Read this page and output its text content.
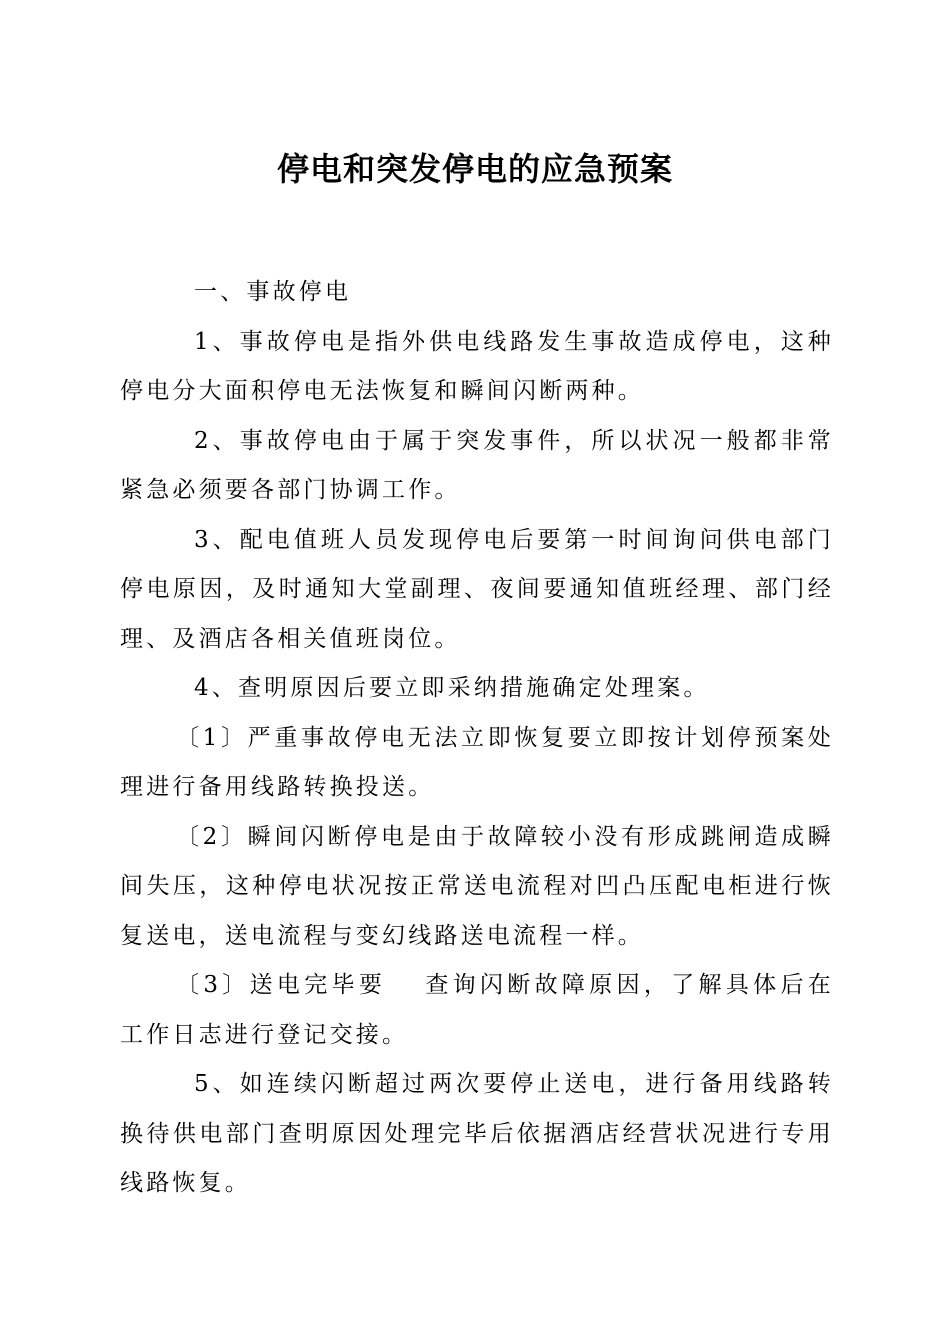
停电和突发停电的应急预案

一、事故停电

1、事故停电是指外供电线路发生事故造成停电，这种停电分大面积停电无法恢复和瞬间闪断两种。

2、事故停电由于属于突发事件，所以状况一般都非常紧急必须要各部门协调工作。

3、配电值班人员发现停电后要第一时间询问供电部门停电原因，及时通知大堂副理、夜间要通知值班经理、部门经理、及酒店各相关值班岗位。

4、查明原因后要立即采纳措施确定处理案。

〔1〕严重事故停电无法立即恢复要立即按计划停预案处理进行备用线路转换投送。

〔2〕瞬间闪断停电是由于故障较小没有形成跳闸造成瞬间失压，这种停电状况按正常送电流程对凹凸压配电柜进行恢复送电，送电流程与变幻线路送电流程一样。

〔3〕送电完毕要 查询闪断故障原因，了解具体后在工作日志进行登记交接。

5、如连续闪断超过两次要停止送电，进行备用线路转换待供电部门查明原因处理完毕后依据酒店经营状况进行专用线路恢复。
